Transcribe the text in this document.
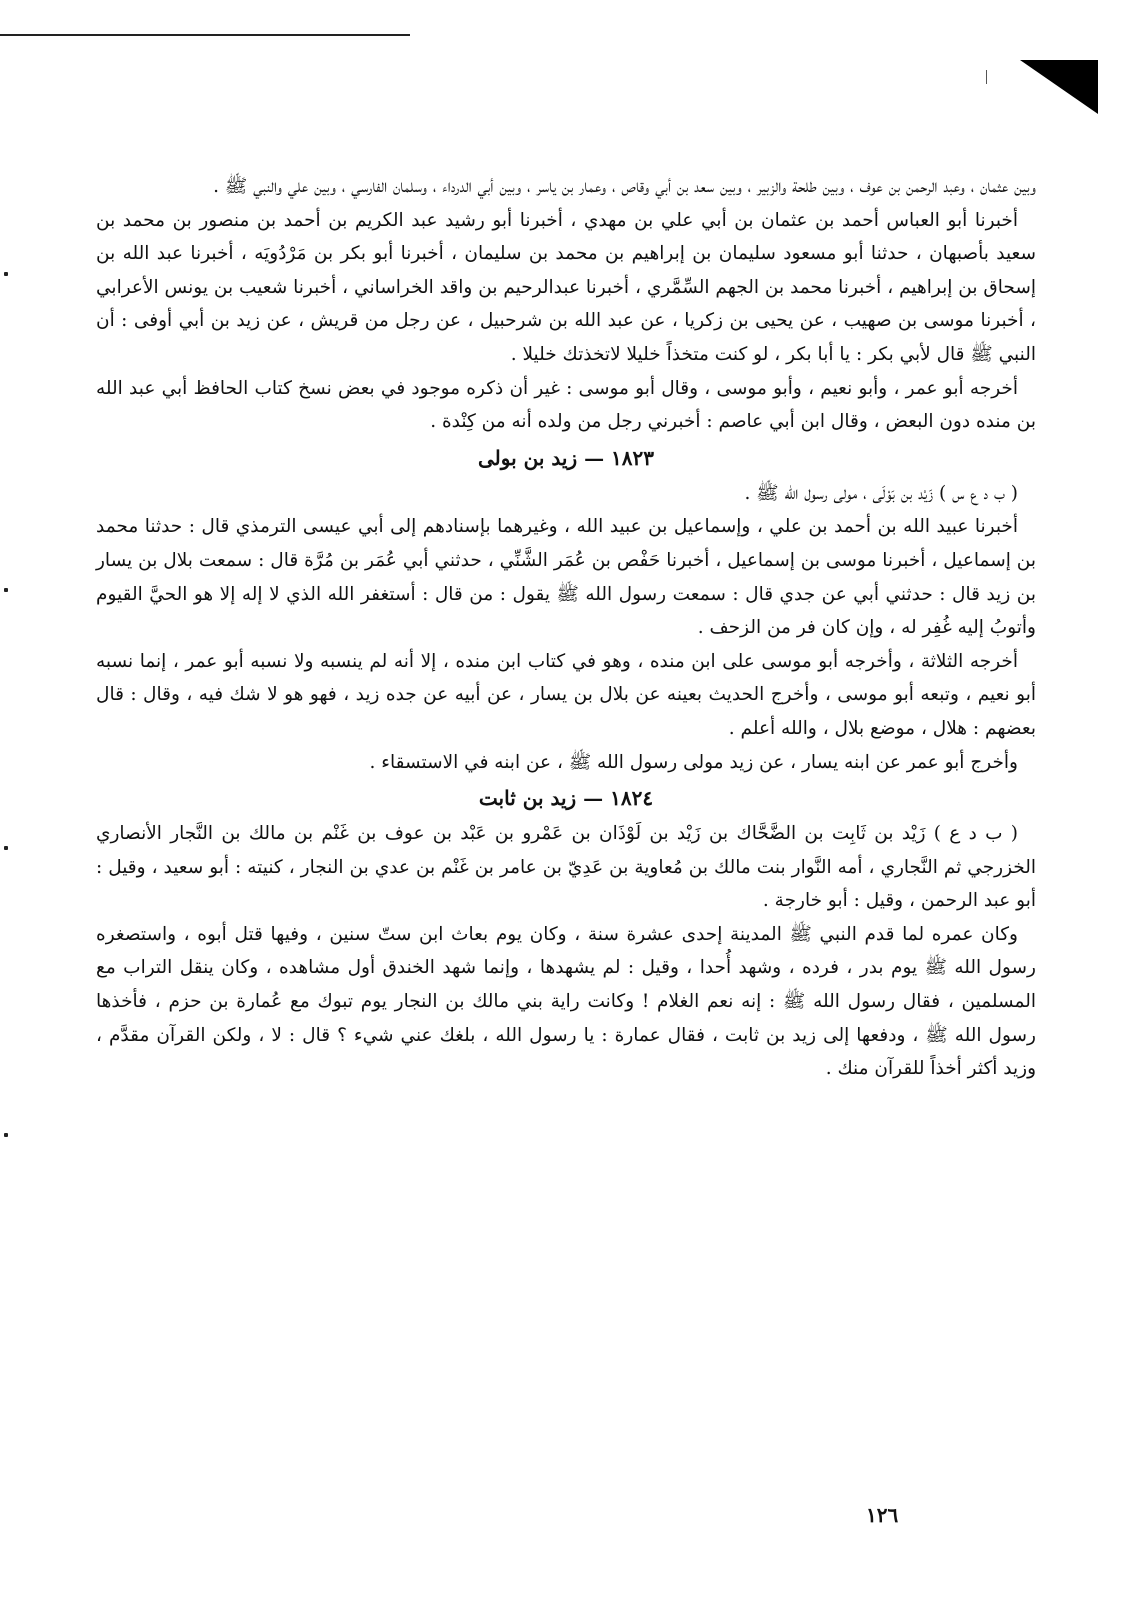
وبين عثمان ، وعبد الرحمن بن عوف ، وبين طلحة والزبير ، وبين سعد بن أبي وقاص ، وعمار بن ياسر ، وبين أبي الدرداء ، وسلمان الفارسي ، وبين علي والنبي ﷺ .

أخبرنا أبو العباس أحمد بن عثمان بن أبي علي بن مهدي ، أخبرنا أبو رشيد عبد الكريم بن أحمد بن منصور بن محمد بن سعيد بأصبهان ، حدثنا أبو مسعود سليمان بن إبراهيم بن محمد بن سليمان ، أخبرنا أبو بكر بن مَرْدُويَه ، أخبرنا عبد الله بن إسحاق بن إبراهيم ، أخبرنا محمد بن الجهم السِّمَّري ، أخبرنا عبدالرحيم بن واقد الخراساني ، أخبرنا شعيب بن يونس الأعرابي ، أخبرنا موسى بن صهيب ، عن يحيى بن زكريا ، عن عبد الله بن شرحبيل ، عن رجل من قريش ، عن زيد بن أبي أوفى : أن النبي ﷺ قال لأبي بكر : يا أبا بكر ، لو كنت متخذاً خليلا لاتخذتك خليلا .

أخرجه أبو عمر ، وأبو نعيم ، وأبو موسى ، وقال أبو موسى : غير أن ذكره موجود في بعض نسخ كتاب الحافظ أبي عبد الله بن منده دون البعض ، وقال ابن أبي عاصم : أخبرني رجل من ولده أنه من كِنْدة .

١٨٢٣ — زيد بن بولى

( ب د ع س ) زَيْد بن بَوْلَى ، مولى رسول الله ﷺ .

أخبرنا عبيد الله بن أحمد بن علي ، وإسماعيل بن عبيد الله ، وغيرهما بإسنادهم إلى أبي عيسى الترمذي قال : حدثنا محمد بن إسماعيل ، أخبرنا موسى بن إسماعيل ، أخبرنا حَفْص بن عُمَر الشَّنِّي ، حدثني أبي عُمَر بن مُرَّة قال : سمعت بلال بن يسار بن زيد قال : حدثني أبي عن جدي قال : سمعت رسول الله ﷺ يقول : من قال : أستغفر الله الذي لا إله إلا هو الحيَّ القيوم وأتوبُ إليه غُفِر له ، وإن كان فر من الزحف .

أخرجه الثلاثة ، وأخرجه أبو موسى على ابن منده ، وهو في كتاب ابن منده ، إلا أنه لم ينسبه ولا نسبه أبو عمر ، إنما نسبه أبو نعيم ، وتبعه أبو موسى ، وأخرج الحديث بعينه عن بلال بن يسار ، عن أبيه عن جده زيد ، فهو هو لا شك فيه ، وقال : قال بعضهم : هلال ، موضع بلال ، والله أعلم .

وأخرج أبو عمر عن ابنه يسار ، عن زيد مولى رسول الله ﷺ ، عن ابنه في الاستسقاء .

١٨٢٤ — زيد بن ثابت

( ب د ع ) زَيْد بن ثَابِت بن الضَّحَّاك بن زَيْد بن لَوْذَان بن عَمْرو بن عَبْد بن عوف بن غَنْم بن مالك بن النَّجار الأنصاري الخزرجي ثم النَّجاري ، أمه النَّوار بنت مالك بن مُعاوية بن عَدِيّ بن عامر بن غَنْم بن عدي بن النجار ، كنيته : أبو سعيد ، وقيل : أبو عبد الرحمن ، وقيل : أبو خارجة .

وكان عمره لما قدم النبي ﷺ المدينة إحدى عشرة سنة ، وكان يوم بعاث ابن ستّ سنين ، وفيها قتل أبوه ، واستصغره رسول الله ﷺ يوم بدر ، فرده ، وشهد أُحدا ، وقيل : لم يشهدها ، وإنما شهد الخندق أول مشاهده ، وكان ينقل التراب مع المسلمين ، فقال رسول الله ﷺ : إنه نعم الغلام ! وكانت راية بني مالك بن النجار يوم تبوك مع عُمارة بن حزم ، فأخذها رسول الله ﷺ ، ودفعها إلى زيد بن ثابت ، فقال عمارة : يا رسول الله ، بلغك عني شيء ؟ قال : لا ، ولكن القرآن مقدَّم ، وزيد أكثر أخذاً للقرآن منك .

١٢٦
